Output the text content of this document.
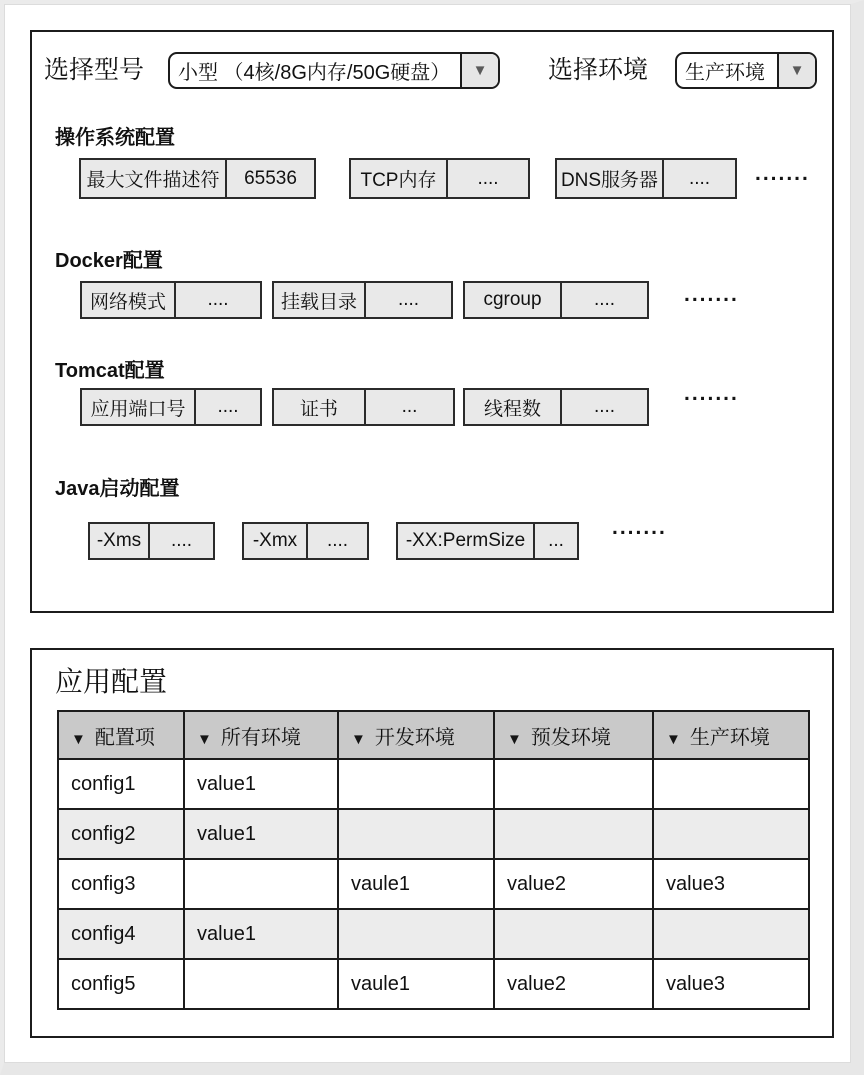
选择型号	小型 （4核/8G内存/50G硬盘）	▼	选择环境	生产环境	▼
操作系统配置
最大文件描述符	65536	TCP内存	....	DNS服务器	....	.......
Docker配置
网络模式	....	挂载目录	....	cgroup	....	.......
Tomcat配置
应用端口号	....	证书	...	线程数	....
.......
Java启动配置
-Xms	....	-Xmx	....	-XX:PermSize	...
.......
应用配置
▼ 配置项	▼ 所有环境	▼ 开发环境	▼ 预发环境	▼ 生产环境
config1	value1			
config2	value1			
config3		vaule1	value2	value3
config4	value1			
config5		vaule1	value2	value3
